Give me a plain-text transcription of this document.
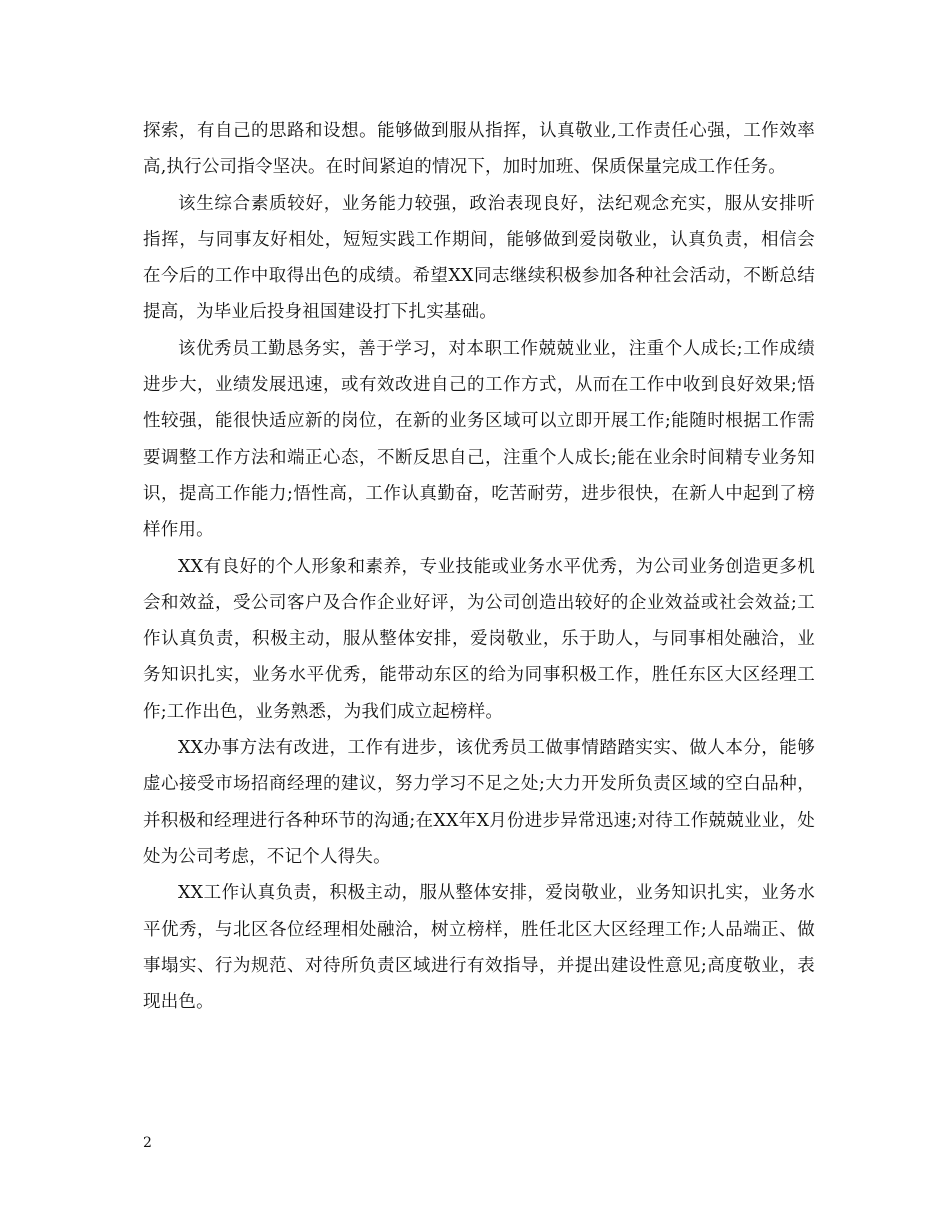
探索，有自己的思路和设想。能够做到服从指挥，认真敬业,工作责任心强，工作效率高,执行公司指令坚决。在时间紧迫的情况下，加时加班、保质保量完成工作任务。

该生综合素质较好，业务能力较强，政治表现良好，法纪观念充实，服从安排听指挥，与同事友好相处，短短实践工作期间，能够做到爱岗敬业，认真负责，相信会在今后的工作中取得出色的成绩。希望XX同志继续积极参加各种社会活动，不断总结提高，为毕业后投身祖国建设打下扎实基础。

该优秀员工勤恳务实，善于学习，对本职工作兢兢业业，注重个人成长;工作成绩进步大，业绩发展迅速，或有效改进自己的工作方式，从而在工作中收到良好效果;悟性较强，能很快适应新的岗位，在新的业务区域可以立即开展工作;能随时根据工作需要调整工作方法和端正心态，不断反思自己，注重个人成长;能在业余时间精专业务知识，提高工作能力;悟性高，工作认真勤奋，吃苦耐劳，进步很快，在新人中起到了榜样作用。

XX有良好的个人形象和素养，专业技能或业务水平优秀，为公司业务创造更多机会和效益，受公司客户及合作企业好评，为公司创造出较好的企业效益或社会效益;工作认真负责，积极主动，服从整体安排，爱岗敬业，乐于助人，与同事相处融洽，业务知识扎实，业务水平优秀，能带动东区的给为同事积极工作，胜任东区大区经理工作;工作出色，业务熟悉，为我们成立起榜样。

XX办事方法有改进，工作有进步，该优秀员工做事情踏踏实实、做人本分，能够虚心接受市场招商经理的建议，努力学习不足之处;大力开发所负责区域的空白品种，并积极和经理进行各种环节的沟通;在XX年X月份进步异常迅速;对待工作兢兢业业，处处为公司考虑，不记个人得失。

XX工作认真负责，积极主动，服从整体安排，爱岗敬业，业务知识扎实，业务水平优秀，与北区各位经理相处融洽，树立榜样，胜任北区大区经理工作;人品端正、做事塌实、行为规范、对待所负责区域进行有效指导，并提出建设性意见;高度敬业，表现出色。

2
